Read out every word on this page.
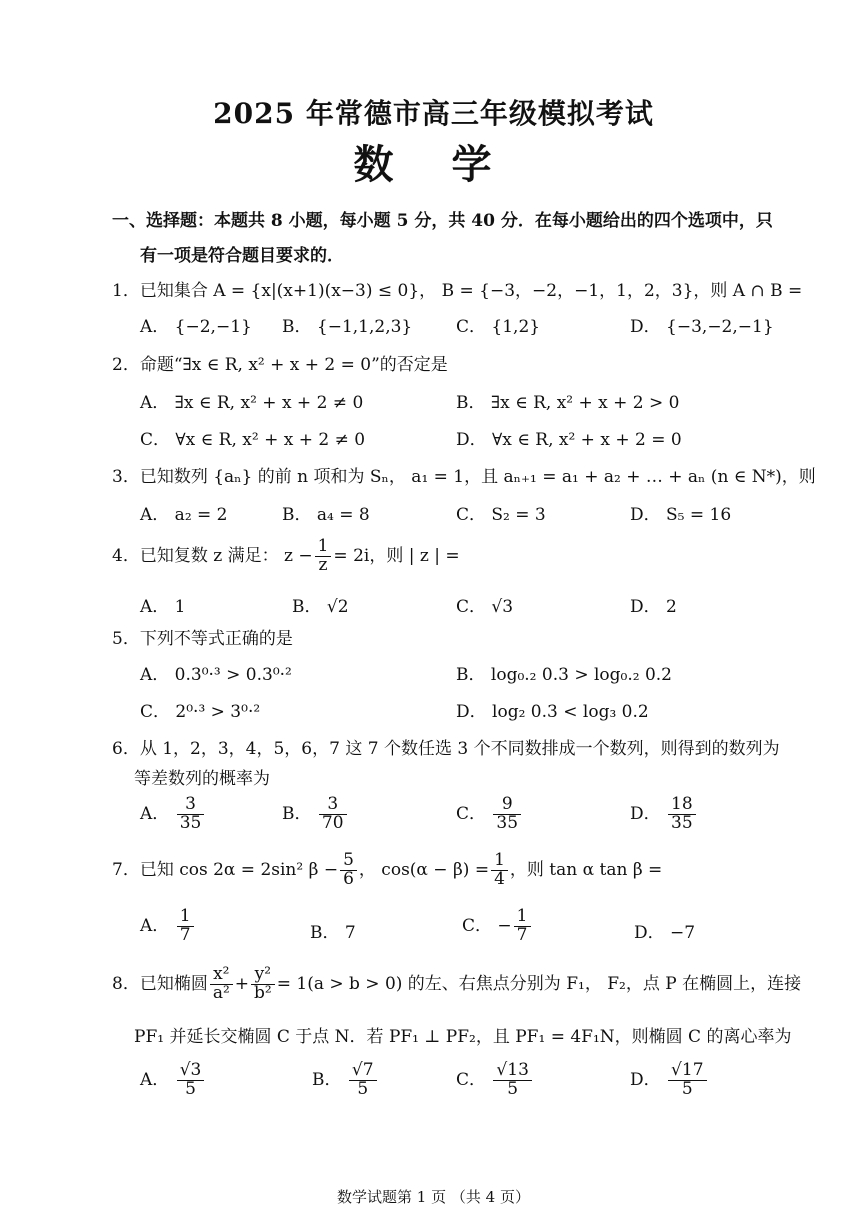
2025 年常德市高三年级模拟考试
数 学
一、选择题：本题共 8 小题，每小题 5 分，共 40 分．在每小题给出的四个选项中，只
有一项是符合题目要求的．
1．已知集合 A = {x|(x+1)(x−3) ≤ 0}， B = {−3，−2，−1，1，2，3}，则 A ∩ B =
A． {−2,−1} B． {−1,1,2,3}	C． {1,2}	D． {−3,−2,−1}
2．命题“∃x ∈ R, x² + x + 2 = 0”的否定是
A． ∃x ∈ R, x² + x + 2 ≠ 0	B． ∃x ∈ R, x² + x + 2 > 0
C． ∀x ∈ R, x² + x + 2 ≠ 0	D． ∀x ∈ R, x² + x + 2 = 0
3．已知数列 {aₙ} 的前 n 项和为 Sₙ， a₁ = 1，且 aₙ₊₁ = a₁ + a₂ + … + aₙ (n ∈ N*)，则
A． a₂ = 2	B． a₄ = 8	C． S₂ = 3	D． S₅ = 16
4．已知复数 z 满足： $z - \frac{1}{z} = 2i$，则 | z | =
A． 1	B． √2	C． √3	D． 2
5．下列不等式正确的是
A． 0.3⁰·³ > 0.3⁰·²	B． log₀.₂ 0.3 > log₀.₂ 0.2
C． 2⁰·³ > 3⁰·²	D． log₂ 0.3 < log₃ 0.2
6．从 1，2，3，4，5，6，7 这 7 个数任选 3 个不同数排成一个数列，则得到的数列为
等差数列的概率为
A． $\frac{3}{35}$	B． $\frac{3}{70}$	C． $\frac{9}{35}$	D． $\frac{18}{35}$
7．已知 cos 2α = 2sin² $\beta - \frac{5}{6}$ ， $\cos(\alpha - \beta) = \frac{1}{4}$ ，则 tan α tan β =
A． $\frac{1}{7}$	B． 7	C． − $\frac{1}{7}$	D． −7
8．已知椭圆 $\frac{\text{x²}}{\text{a²}} + \frac{\text{y²}}{\text{b²}} = 1(a > b > 0)$ 的左、右焦点分别为 F₁， F₂，点 P 在椭圆上，连接
PF₁ 并延长交椭圆 C 于点 N．若 PF₁ ⊥ PF₂，且 PF₁ = 4F₁N，则椭圆 C 的离心率为
A． $\frac{√3}{5}$	B． $\frac{√7}{5}$	C． $\frac{√13}{5}$	D． $\frac{√17}{5}$
数学试题第 1 页 （共 4 页）
